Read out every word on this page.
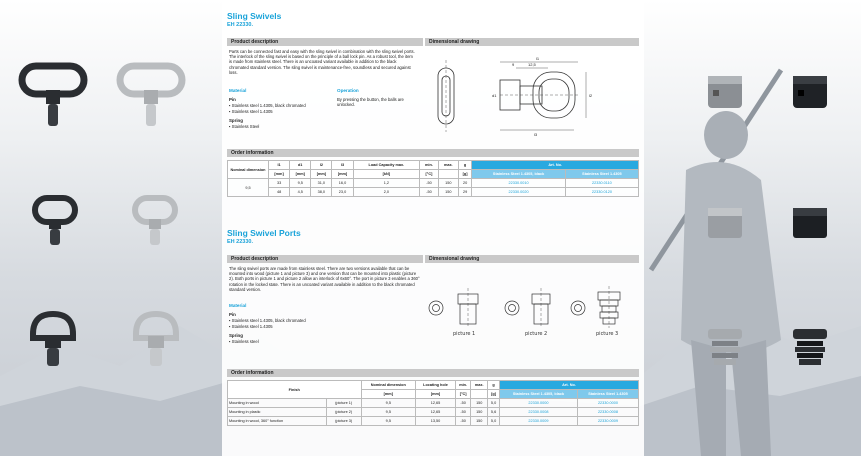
Sling Swivels
EH 22330.
Product description	Dimensional drawing
Parts can be connected fast and easy with the sling swivel in combination with the sling swivel ports. The interlock of the sling swivel is based on the principle of a ball lock pin. As a robust tool, the item is made from stainless steel. There is an uncoated variant available in addition to the black chromated standard version. The sling swivel is maintenance-free, soundless and secured against loss.
Material
Pin
▪ Stainless steel 1.4305, black chromated
▪ Stainless steel 1.4305
Spring
▪ Stainless Steel
Operation
By pressing the button, the balls are unlocked.
l1
12,5
9
l2
l3
d1
Order information
Nominal dimension	l1	d1	l2	l3	Load Capacity max.	min.	max.	g	Art. No.	
	[mm]	[mm]	[mm]	[mm]	[kN]	[°C]		[g]	Stainless Steel 1.4305, black	Stainless Steel 1.4305
9,5	33	9,5	31,0	16,0	1,2	-50	150	20	22330.0010	22330.0110
	48	4,5	38,0	23,0	2,0	-50	150	29	22330.0020	22330.0120
Sling Swivel Ports
EH 22330.
Product description	Dimensional drawing
The sling swivel ports are made from stainless steel. There are two versions available that can be mounted into wood (picture 1 and picture 3) and one version that can be mounted into plastic (picture 2). Both ports in picture 1 and picture 2 allow an interlock of 6x60°. The port in picture 3 enables a 360° rotation in the locked state. There is an uncoated variant available in addition to the black chromated standard version.
Material
Pin
▪ Stainless steel 1.4305, black chromated
▪ Stainless steel 1.4305
Spring
▪ Stainless steel
picture 1	picture 2	picture 3
Order information
Finish		Nominal dimension	Locating hole	min.	max.	g	Art. No.	
		[mm]	[mm]	[°C]		[g]	Stainless Steel 1.4305, black	Stainless Steel 1.4305
Mounting in wood	(picture 1)	9,5	12,65	-50	150	5,0	22330.0000	22330.0000
Mounting in plastic	(picture 2)	9,5	12,65	-50	150	5,6	22330.0008	22330.0008
Mounting in wood, 360° function	(picture 3)	9,5	13,50	-50	150	5,0	22330.0009	22330.0009
